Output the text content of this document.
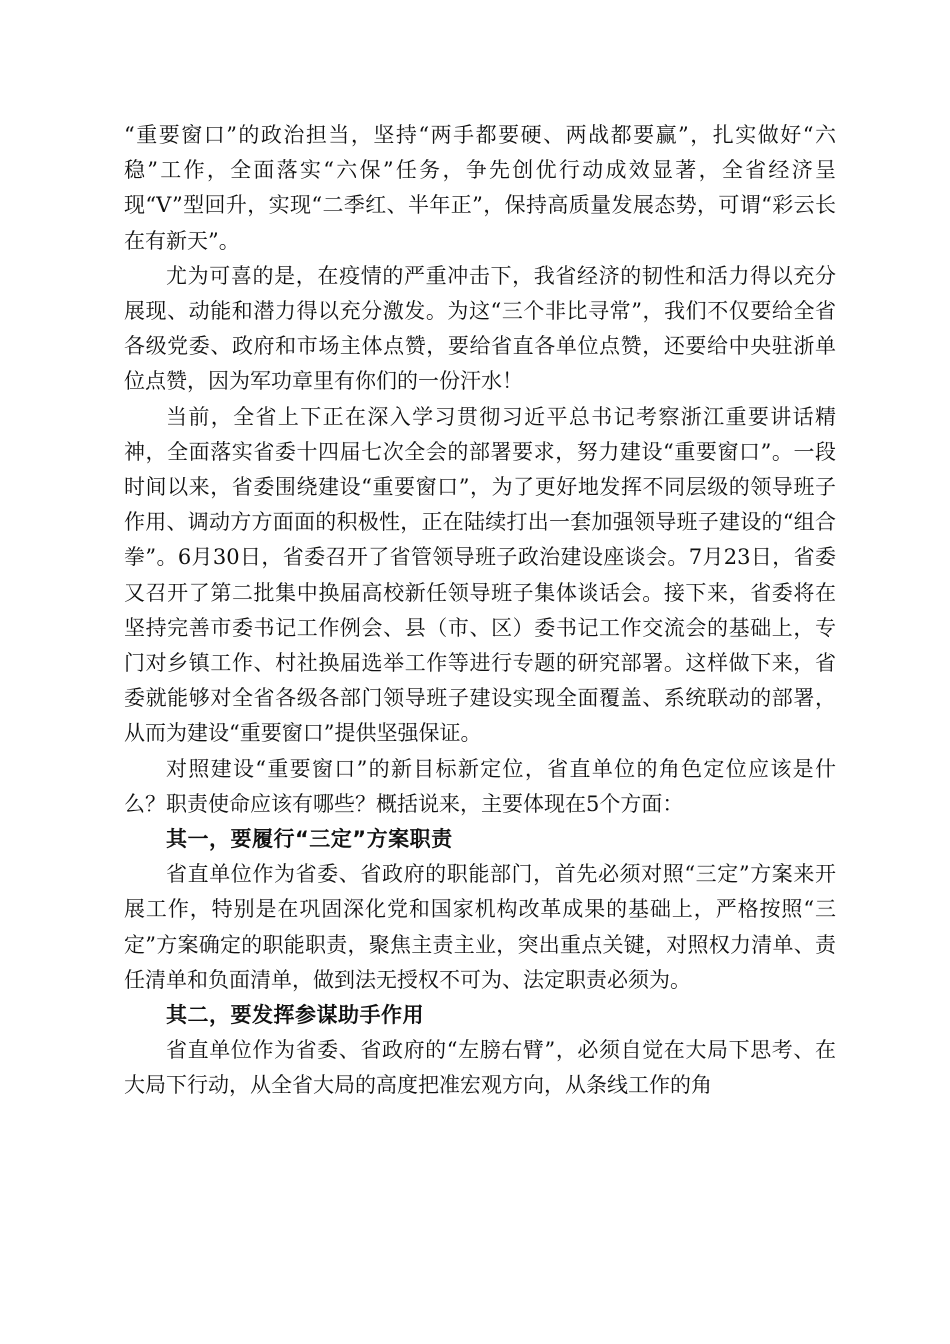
“重要窗口”的政治担当，坚持“两手都要硬、两战都要赢”，扎实做好“六稳”工作，全面落实“六保”任务，争先创优行动成效显著，全省经济呈现“V”型回升，实现“二季红、半年正”，保持高质量发展态势，可谓“彩云长在有新天”。

尤为可喜的是，在疫情的严重冲击下，我省经济的韧性和活力得以充分展现、动能和潜力得以充分激发。为这“三个非比寻常”，我们不仅要给全省各级党委、政府和市场主体点赞，要给省直各单位点赞，还要给中央驻浙单位点赞，因为军功章里有你们的一份汗水！

当前，全省上下正在深入学习贯彻习近平总书记考察浙江重要讲话精神，全面落实省委十四届七次全会的部署要求，努力建设“重要窗口”。一段时间以来，省委围绕建设“重要窗口”，为了更好地发挥不同层级的领导班子作用、调动方方面面的积极性，正在陆续打出一套加强领导班子建设的“组合拳”。6月30日，省委召开了省管领导班子政治建设座谈会。7月23日，省委又召开了第二批集中换届高校新任领导班子集体谈话会。接下来，省委将在坚持完善市委书记工作例会、县（市、区）委书记工作交流会的基础上，专门对乡镇工作、村社换届选举工作等进行专题的研究部署。这样做下来，省委就能够对全省各级各部门领导班子建设实现全面覆盖、系统联动的部署，从而为建设“重要窗口”提供坚强保证。

对照建设“重要窗口”的新目标新定位，省直单位的角色定位应该是什么？职责使命应该有哪些？概括说来，主要体现在5个方面：

其一，要履行“三定”方案职责

省直单位作为省委、省政府的职能部门，首先必须对照“三定”方案来开展工作，特别是在巩固深化党和国家机构改革成果的基础上，严格按照“三定”方案确定的职能职责，聚焦主责主业，突出重点关键，对照权力清单、责任清单和负面清单，做到法无授权不可为、法定职责必须为。

其二，要发挥参谋助手作用

省直单位作为省委、省政府的“左膀右臂”，必须自觉在大局下思考、在大局下行动，从全省大局的高度把准宏观方向，从条线工作的角
